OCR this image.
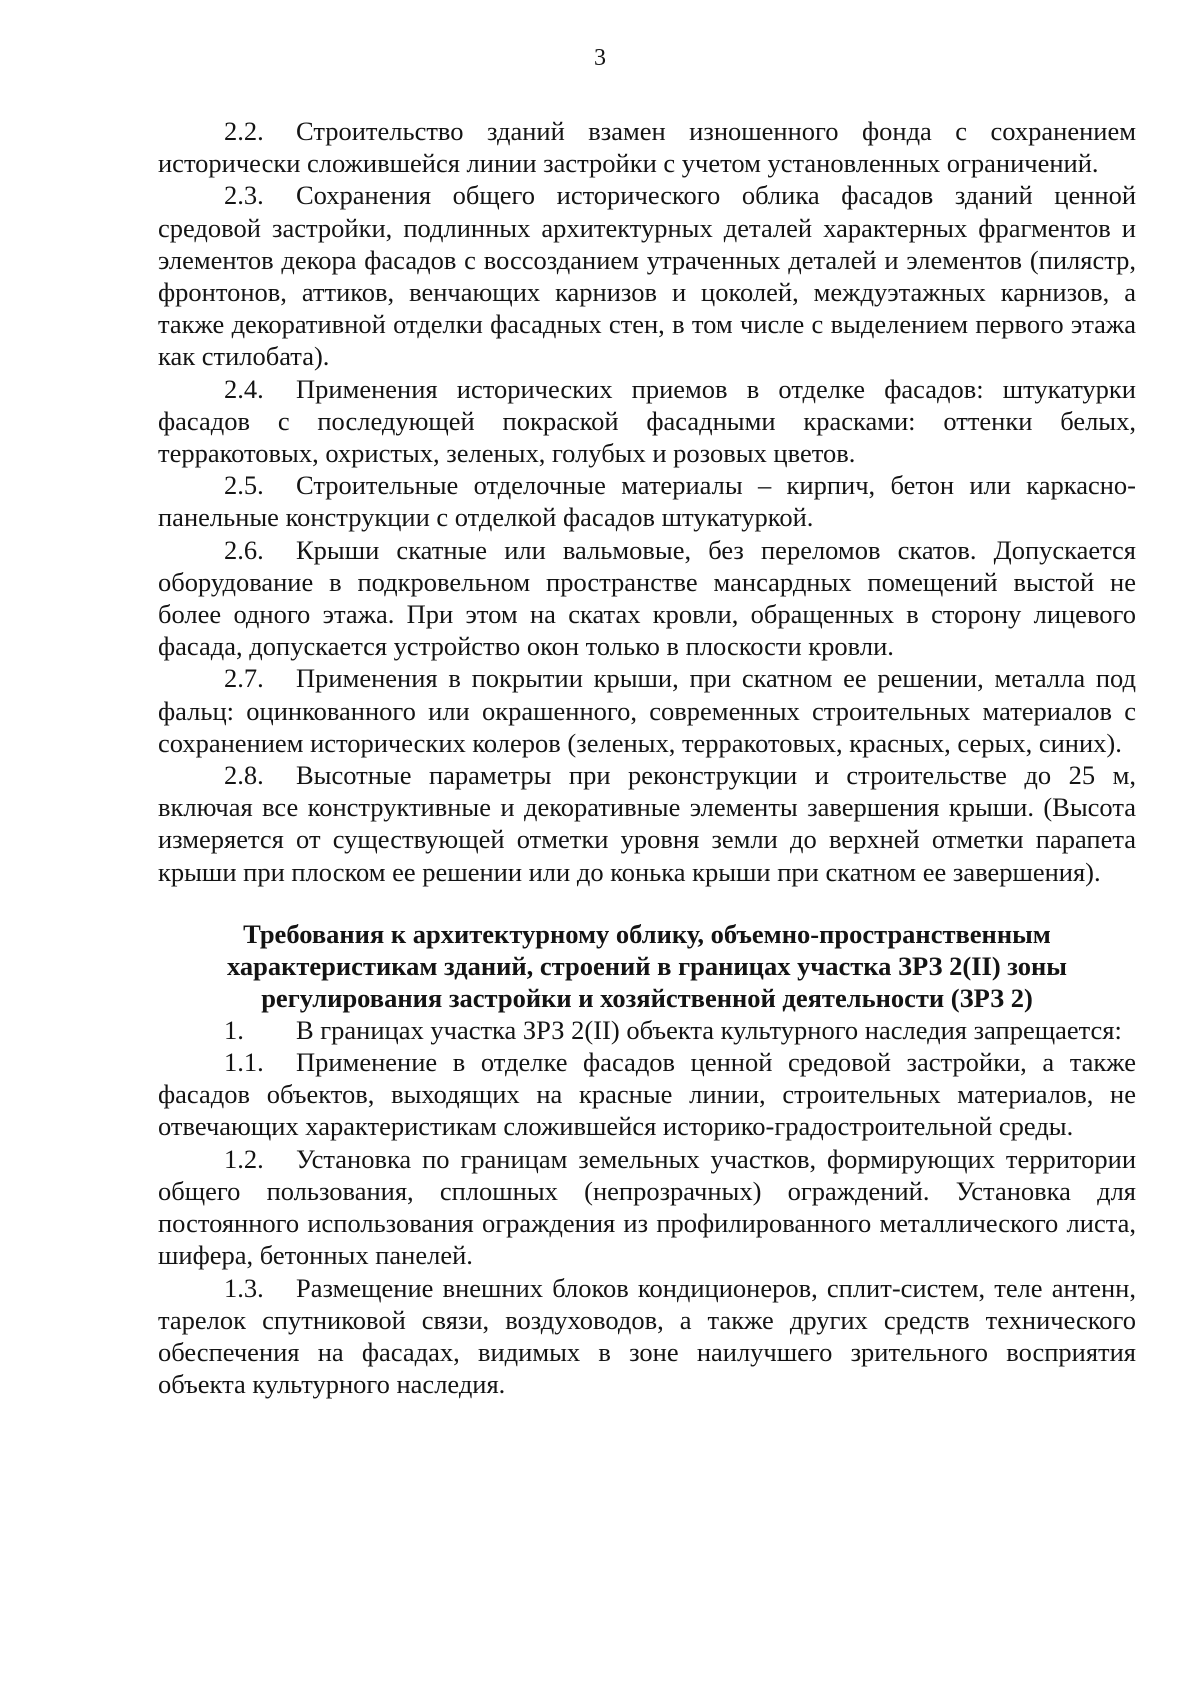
3

2.2. Строительство зданий взамен изношенного фонда с сохранением исторически сложившейся линии застройки с учетом установленных ограничений.

2.3. Сохранения общего исторического облика фасадов зданий ценной средовой застройки, подлинных архитектурных деталей характерных фрагментов и элементов декора фасадов с воссозданием утраченных деталей и элементов (пилястр, фронтонов, аттиков, венчающих карнизов и цоколей, междуэтажных карнизов, а также декоративной отделки фасадных стен, в том числе с выделением первого этажа как стилобата).

2.4. Применения исторических приемов в отделке фасадов: штукатурки фасадов с последующей покраской фасадными красками: оттенки белых, терракотовых, охристых, зеленых, голубых и розовых цветов.

2.5. Строительные отделочные материалы – кирпич, бетон или каркасно-панельные конструкции с отделкой фасадов штукатуркой.

2.6. Крыши скатные или вальмовые, без переломов скатов. Допускается оборудование в подкровельном пространстве мансардных помещений выстой не более одного этажа. При этом на скатах кровли, обращенных в сторону лицевого фасада, допускается устройство окон только в плоскости кровли.

2.7. Применения в покрытии крыши, при скатном ее решении, металла под фальц: оцинкованного или окрашенного, современных строительных материалов с сохранением исторических колеров (зеленых, терракотовых, красных, серых, синих).

2.8. Высотные параметры при реконструкции и строительстве до 25 м, включая все конструктивные и декоративные элементы завершения крыши. (Высота измеряется от существующей отметки уровня земли до верхней отметки парапета крыши при плоском ее решении или до конька крыши при скатном ее завершения).

Требования к архитектурному облику, объемно-пространственным
характеристикам зданий, строений в границах участка ЗРЗ 2(II) зоны
регулирования застройки и хозяйственной деятельности (ЗРЗ 2)

1. В границах участка ЗРЗ 2(II) объекта культурного наследия запрещается:

1.1. Применение в отделке фасадов ценной средовой застройки, а также фасадов объектов, выходящих на красные линии, строительных материалов, не отвечающих характеристикам сложившейся историко-градостроительной среды.

1.2. Установка по границам земельных участков, формирующих территории общего пользования, сплошных (непрозрачных) ограждений. Установка для постоянного использования ограждения из профилированного металлического листа, шифера, бетонных панелей.

1.3. Размещение внешних блоков кондиционеров, сплит-систем, теле антенн, тарелок спутниковой связи, воздуховодов, а также других средств технического обеспечения на фасадах, видимых в зоне наилучшего зрительного восприятия объекта культурного наследия.
